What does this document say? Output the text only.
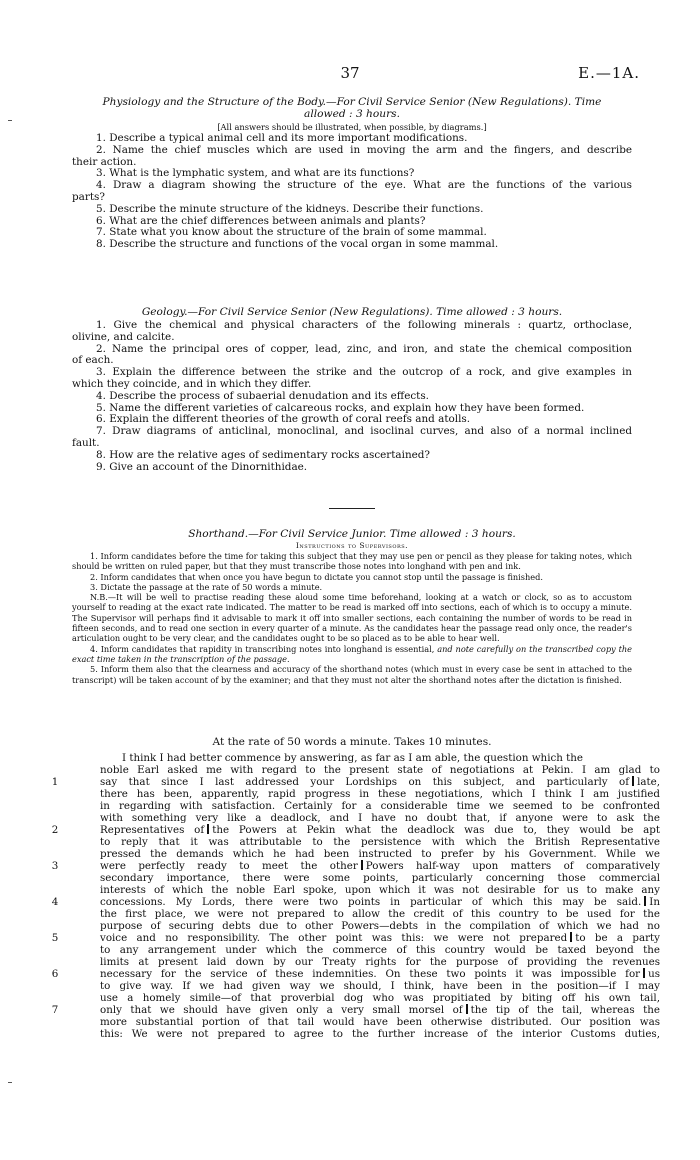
37	E.—1A.
Physiology and the Structure of the Body.—For Civil Service Senior (New Regulations). Time
allowed : 3 hours.
[All answers should be illustrated, when possible, by diagrams.]

1. Describe a typical animal cell and its more important modifications.

2. Name the chief muscles which are used in moving the arm and the fingers, and describe

their action.

3. What is the lymphatic system, and what are its functions?

4. Draw a diagram showing the structure of the eye. What are the functions of the various

parts?

5. Describe the minute structure of the kidneys. Describe their functions.

6. What are the chief differences between animals and plants?

7. State what you know about the structure of the brain of some mammal.

8. Describe the structure and functions of the vocal organ in some mammal.

Geology.—For Civil Service Senior (New Regulations). Time allowed : 3 hours.

1. Give the chemical and physical characters of the following minerals : quartz, orthoclase,

olivine, and calcite.

2. Name the principal ores of copper, lead, zinc, and iron, and state the chemical composition

of each.

3. Explain the difference between the strike and the outcrop of a rock, and give examples in

which they coincide, and in which they differ.

4. Describe the process of subaerial denudation and its effects.

5. Name the different varieties of calcareous rocks, and explain how they have been formed.

6. Explain the different theories of the growth of coral reefs and atolls.

7. Draw diagrams of anticlinal, monoclinal, and isoclinal curves, and also of a normal inclined

fault.

8. How are the relative ages of sedimentary rocks ascertained?

9. Give an account of the Dinornithidae.

Shorthand.—For Civil Service Junior. Time allowed : 3 hours.
Instructions to Supervisors.

1. Inform candidates before the time for taking this subject that they may use pen or pencil as they please for taking notes, which should be written on ruled paper, but that they must transcribe those notes into longhand with pen and ink.

2. Inform candidates that when once you have begun to dictate you cannot stop until the passage is finished.

3. Dictate the passage at the rate of 50 words a minute.

N.B.—It will be well to practise reading these aloud some time beforehand, looking at a watch or clock, so as to accustom yourself to reading at the exact rate indicated. The matter to be read is marked off into sections, each of which is to occupy a minute. The Supervisor will perhaps find it advisable to mark it off into smaller sections, each containing the number of words to be read in fifteen seconds, and to read one section in every quarter of a minute. As the candidates hear the passage read only once, the reader's articulation ought to be very clear, and the candidates ought to be so placed as to be able to hear well.

4. Inform candidates that rapidity in transcribing notes into longhand is essential, and note carefully on the transcribed copy the exact time taken in the transcription of the passage.

5. Inform them also that the clearness and accuracy of the shorthand notes (which must in every case be sent in attached to the transcript) will be taken account of by the examiner; and that they must not alter the shorthand notes after the dictation is finished.

At the rate of 50 words a minute. Takes 10 minutes.
I think I had better commence by answering, as far as I am able, the question which the
noble Earl asked me with regard to the present state of negotiations at Pekin. I am glad to
say that since I last addressed your Lordships on this subject, and particularly of late,
there has been, apparently, rapid progress in these negotiations, which I think I am justified
in regarding with satisfaction. Certainly for a considerable time we seemed to be confronted
with something very like a deadlock, and I have no doubt that, if anyone were to ask the
Representatives of the Powers at Pekin what the deadlock was due to, they would be apt
to reply that it was attributable to the persistence with which the British Representative
pressed the demands which he had been instructed to prefer by his Government. While we
were perfectly ready to meet the other Powers half-way upon matters of comparatively
secondary importance, there were some points, particularly concerning those commercial
interests of which the noble Earl spoke, upon which it was not desirable for us to make any
concessions. My Lords, there were two points in particular of which this may be said. In
the first place, we were not prepared to allow the credit of this country to be used for the
purpose of securing debts due to other Powers—debts in the compilation of which we had no
voice and no responsibility. The other point was this: we were not prepared to be a party
to any arrangement under which the commerce of this country would be taxed beyond the
limits at present laid down by our Treaty rights for the purpose of providing the revenues
necessary for the service of these indemnities. On these two points it was impossible for us
to give way. If we had given way we should, I think, have been in the position—if I may
use a homely simile—of that proverbial dog who was propitiated by biting off his own tail,
only that we should have given only a very small morsel of the tip of the tail, whereas the
more substantial portion of that tail would have been otherwise distributed. Our position was
this: We were not prepared to agree to the further increase of the interior Customs duties,
1
2
3
4
5
6
7
